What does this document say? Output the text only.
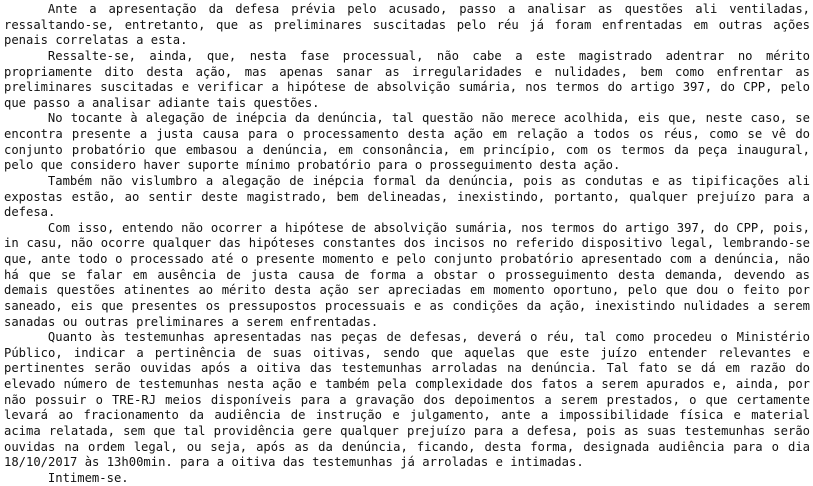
Ante a apresentação da defesa prévia pelo acusado, passo a analisar as questões ali ventiladas, ressaltando-se, entretanto, que as preliminares suscitadas pelo réu já foram enfrentadas em outras ações penais correlatas a esta.

Ressalte-se, ainda, que, nesta fase processual, não cabe a este magistrado adentrar no mérito propriamente dito desta ação, mas apenas sanar as irregularidades e nulidades, bem como enfrentar as preliminares suscitadas e verificar a hipótese de absolvição sumária, nos termos do artigo 397, do CPP, pelo que passo a analisar adiante tais questões.

No tocante à alegação de inépcia da denúncia, tal questão não merece acolhida, eis que, neste caso, se encontra presente a justa causa para o processamento desta ação em relação a todos os réus, como se vê do conjunto probatório que embasou a denúncia, em consonância, em princípio, com os termos da peça inaugural, pelo que considero haver suporte mínimo probatório para o prosseguimento desta ação.

Também não vislumbro a alegação de inépcia formal da denúncia, pois as condutas e as tipificações ali expostas estão, ao sentir deste magistrado, bem delineadas, inexistindo, portanto, qualquer prejuízo para a defesa.

Com isso, entendo não ocorrer a hipótese de absolvição sumária, nos termos do artigo 397, do CPP, pois, in casu, não ocorre qualquer das hipóteses constantes dos incisos no referido dispositivo legal, lembrando-se que, ante todo o processado até o presente momento e pelo conjunto probatório apresentado com a denúncia, não há que se falar em ausência de justa causa de forma a obstar o prosseguimento desta demanda, devendo as demais questões atinentes ao mérito desta ação ser apreciadas em momento oportuno, pelo que dou o feito por saneado, eis que presentes os pressupostos processuais e as condições da ação, inexistindo nulidades a serem sanadas ou outras preliminares a serem enfrentadas.

Quanto às testemunhas apresentadas nas peças de defesas, deverá o réu, tal como procedeu o Ministério Público, indicar a pertinência de suas oitivas, sendo que aquelas que este juízo entender relevantes e pertinentes serão ouvidas após a oitiva das testemunhas arroladas na denúncia. Tal fato se dá em razão do elevado número de testemunhas nesta ação e também pela complexidade dos fatos a serem apurados e, ainda, por não possuir o TRE-RJ meios disponíveis para a gravação dos depoimentos a serem prestados, o que certamente levará ao fracionamento da audiência de instrução e julgamento, ante a impossibilidade física e material acima relatada, sem que tal providência gere qualquer prejuízo para a defesa, pois as suas testemunhas serão ouvidas na ordem legal, ou seja, após as da denúncia, ficando, desta forma, designada audiência para o dia 18/10/2017 às 13h00min. para a oitiva das testemunhas já arroladas e intimadas.

Intimem-se.
